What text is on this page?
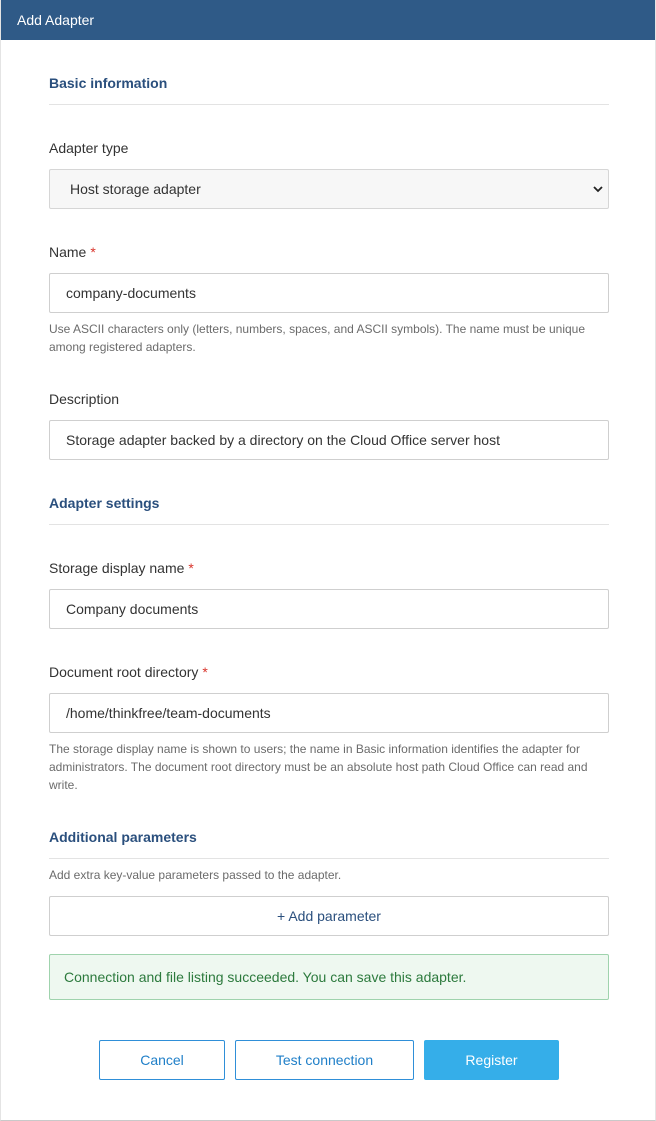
Add Adapter
Basic information
Adapter type
Host storage adapter
Name *
company-documents
Use ASCII characters only (letters, numbers, spaces, and ASCII symbols). The name must be unique among registered adapters.
Description
Storage adapter backed by a directory on the Cloud Office server host
Adapter settings
Storage display name *
Company documents
Document root directory *
/home/thinkfree/team-documents
The storage display name is shown to users; the name in Basic information identifies the adapter for administrators. The document root directory must be an absolute host path Cloud Office can read and write.
Additional parameters
Add extra key-value parameters passed to the adapter.
+ Add parameter
Connection and file listing succeeded. You can save this adapter.
Cancel	Test connection	Register
